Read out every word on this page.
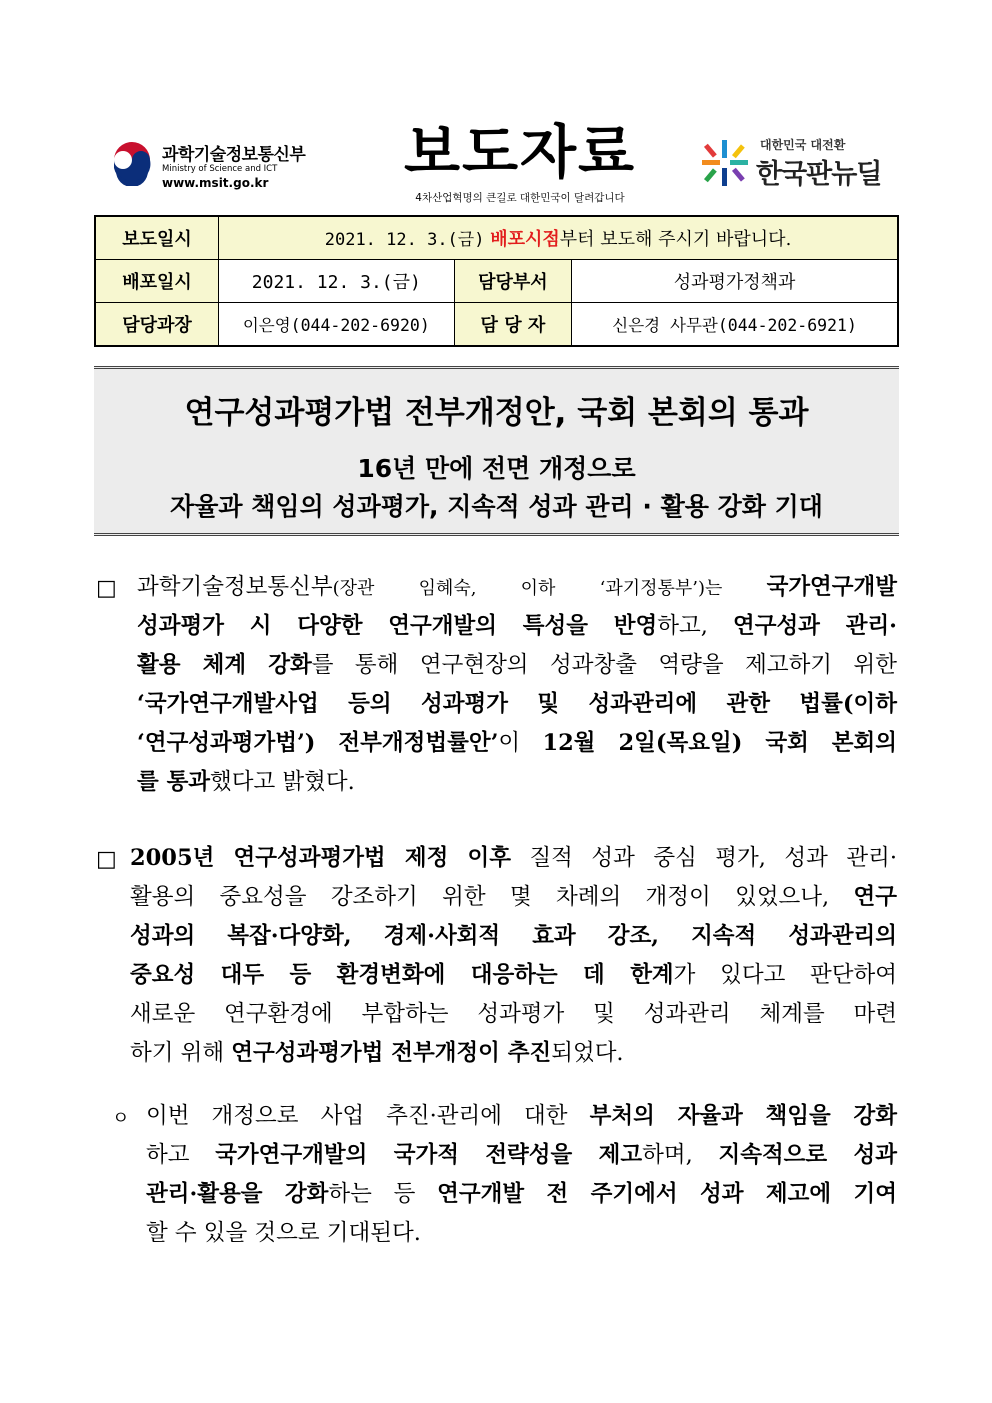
과학기술정보통신부
Ministry of Science and ICT
www.msit.go.kr	보도자료
4차산업혁명의 큰길로 대한민국이 달려갑니다
대한민국 대전환
한국판뉴딜
보도일시	2021. 12. 3.(금) 배포시점부터 보도해 주시기 바랍니다.		
배포일시	2021. 12. 3.(금)	담당부서	성과평가정책과
담당과장	이은영(044-202-6920)	담 당 자	신은경 사무관(044-202-6921)
연구성과평가법 전부개정안, 국회 본회의 통과
16년 만에 전면 개정으로
자율과 책임의 성과평가, 지속적 성과 관리 · 활용 강화 기대
□ 과학기술정보통신부(장관 임혜숙, 이하 ‘과기정통부’)는 국가연구개발
성과평가 시 다양한 연구개발의 특성을 반영하고, 연구성과 관리·
활용 체계 강화를 통해 연구현장의 성과창출 역량을 제고하기 위한
‘국가연구개발사업 등의 성과평가 및 성과관리에 관한 법률(이하
‘연구성과평가법’) 전부개정법률안’이 12월 2일(목요일) 국회 본회의
를 통과했다고 밝혔다.
□ 2005년 연구성과평가법 제정 이후 질적 성과 중심 평가, 성과 관리·
활용의 중요성을 강조하기 위한 몇 차례의 개정이 있었으나, 연구
성과의 복잡·다양화, 경제·사회적 효과 강조, 지속적 성과관리의
중요성 대두 등 환경변화에 대응하는 데 한계가 있다고 판단하여
새로운 연구환경에 부합하는 성과평가 및 성과관리 체계를 마련
하기 위해 연구성과평가법 전부개정이 추진되었다.
ㅇ 이번 개정으로 사업 추진·관리에 대한 부처의 자율과 책임을 강화
하고 국가연구개발의 국가적 전략성을 제고하며, 지속적으로 성과
관리·활용을 강화하는 등 연구개발 전 주기에서 성과 제고에 기여
할 수 있을 것으로 기대된다.
